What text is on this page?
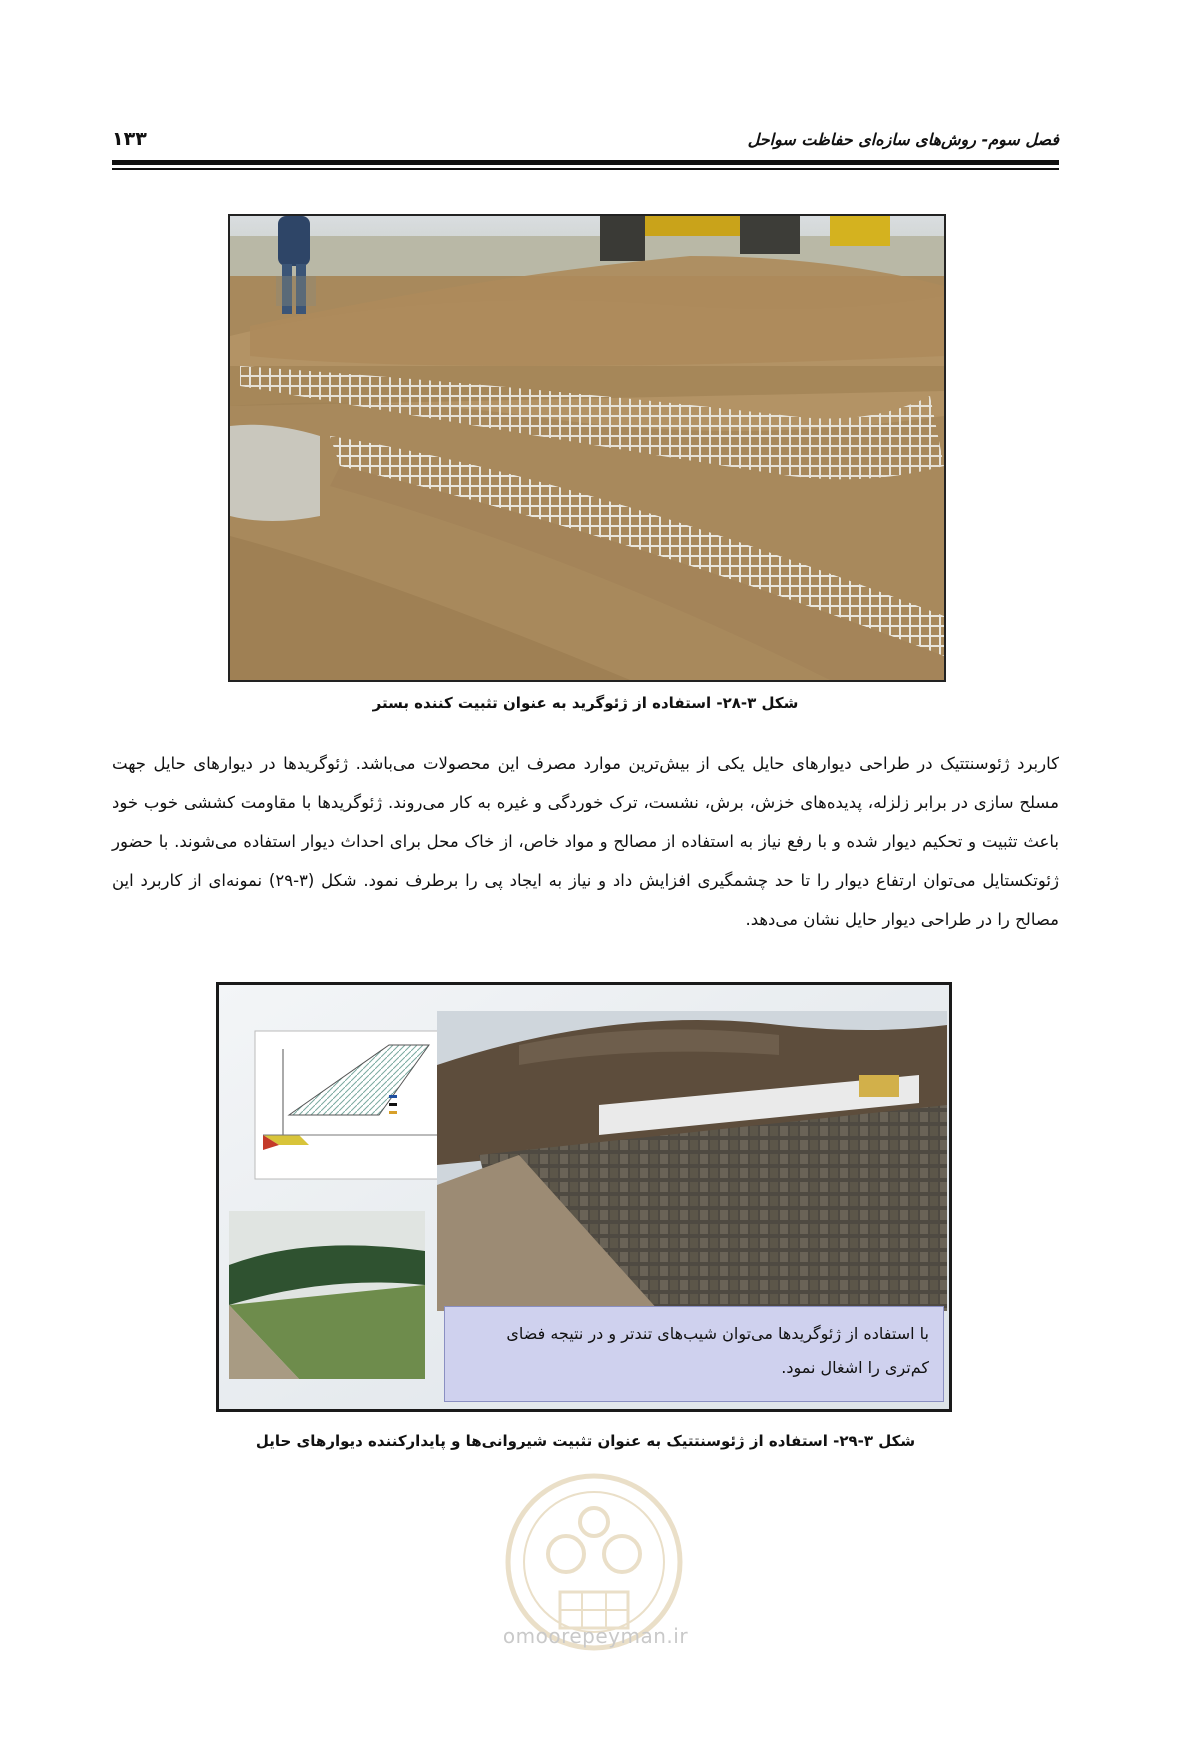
۱۳۳	فصل سوم- روش‌های سازه‌ای حفاظت سواحل
شکل ۳-۲۸- استفاده از ژئوگرید به عنوان تثبیت کننده بستر

کاربرد ژئوسنتتیک در طراحی دیوارهای حایل یکی از بیش‌ترین موارد مصرف این محصولات می‌باشد. ژئوگریدها در دیوارهای حایل جهت مسلح سازی در برابر زلزله، پدیده‌های خزش، برش، نشست، ترک خوردگی و غیره به کار می‌روند. ژئوگریدها با مقاومت کششی خوب خود باعث تثبیت و تحکیم دیوار شده و با رفع نیاز به استفاده از مصالح و مواد خاص، از خاک محل برای احداث دیوار استفاده می‌شوند. با حضور ژئوتکستایل می‌توان ارتفاع دیوار را تا حد چشمگیری افزایش داد و نیاز به ایجاد پی را برطرف نمود. شکل (۳-۲۹) نمونه‌ای از کاربرد این مصالح را در طراحی دیوار حایل نشان می‌دهد.

با استفاده از ژئوگریدها می‌توان شیب‌های تندتر و در نتیجه فضای کم‌تری را اشغال نمود.
شکل ۳-۲۹- استفاده از ژئوسنتتیک به عنوان تثبیت شیروانی‌ها و پایدارکننده دیوارهای حایل
omoorepeyman.ir
